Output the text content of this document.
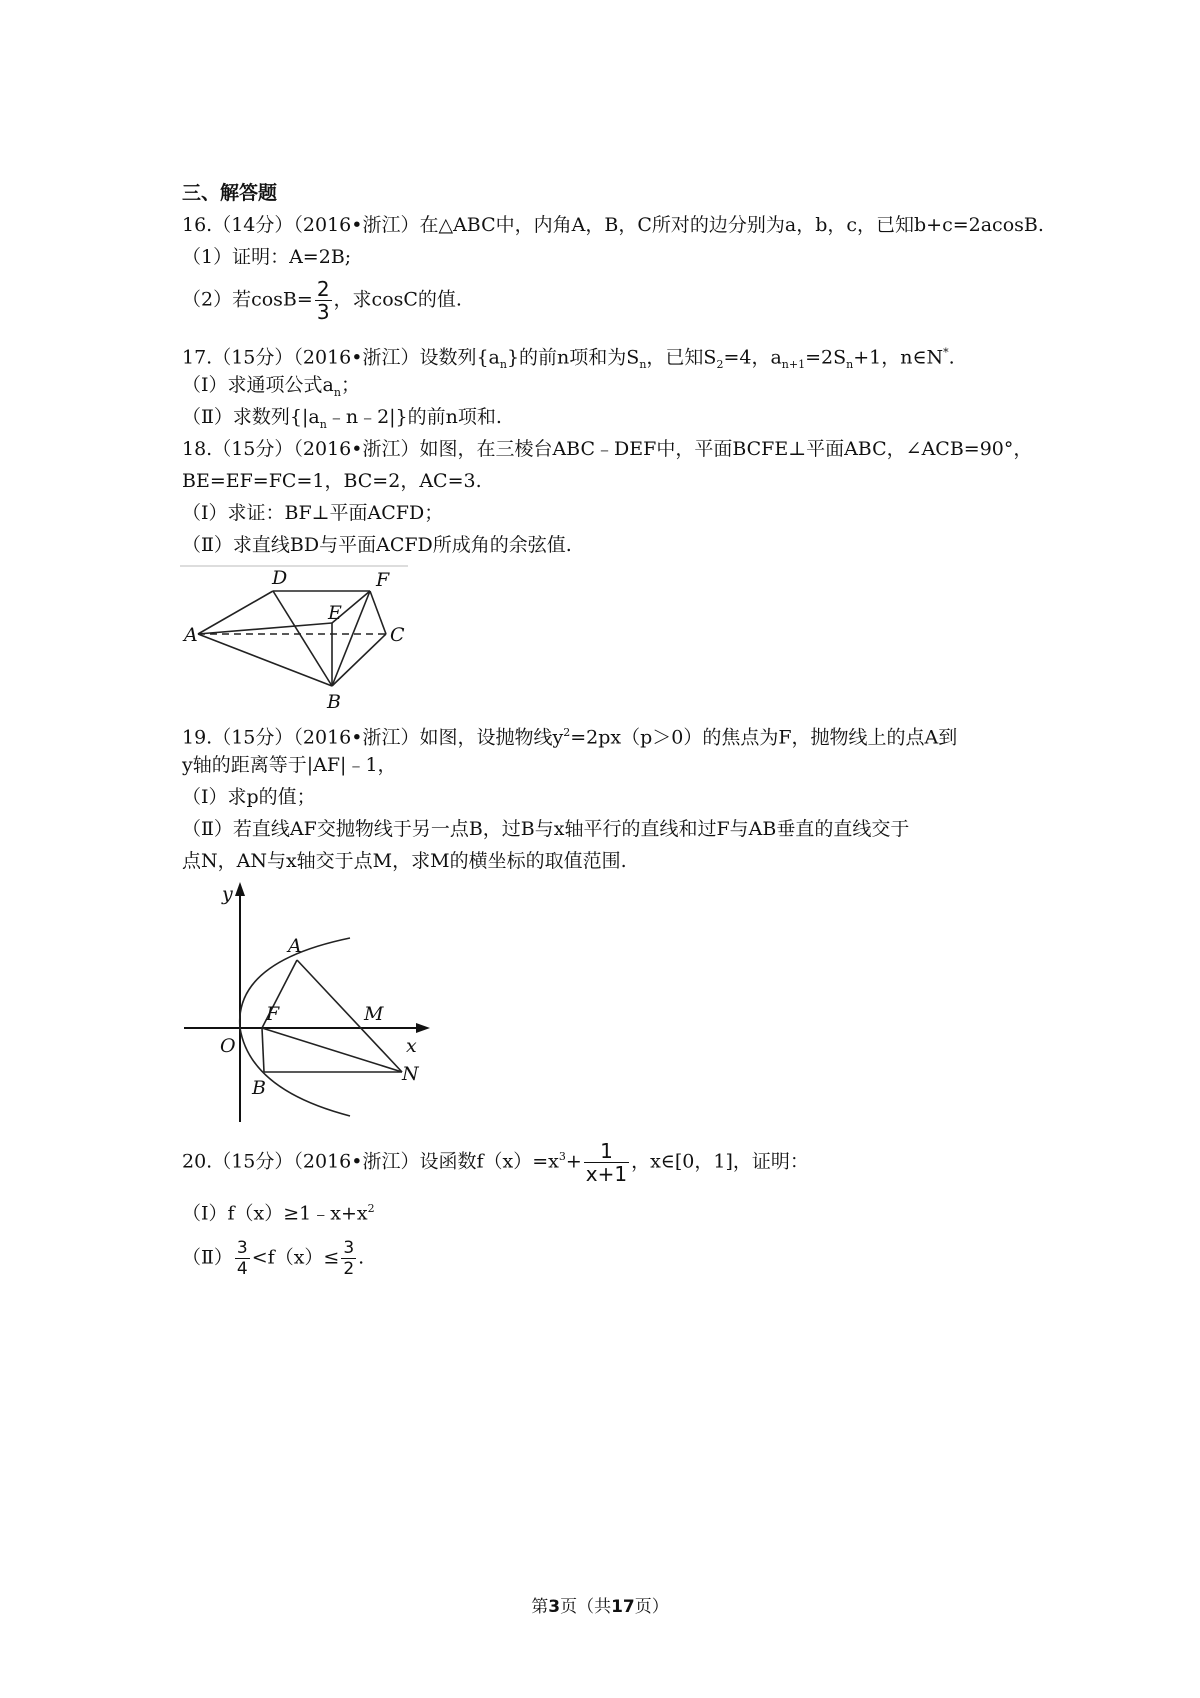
三、解答题
16.（14分）（2016•浙江）在△ABC中，内角A，B，C所对的边分别为a，b，c，已知b+c=2acosB.
（1）证明：A=2B;
（2）若$\cos B= \frac{2}{3}$ ，求cosC的值.
17.（15分）（2016•浙江）设数列$\{a_n\}$的前n项和为$S_n$，已知$S_2=4$，$a_{n+1}=2S_n+1$，n∈N*.
（Ⅰ）求通项公式$a_n$；
（Ⅱ）求数列$\{|a_n﹣n﹣2|\}$的前n项和.
18.（15分）（2016•浙江）如图，在三棱台ABC﹣DEF中，平面BCFE⊥平面ABC，∠ACB=90°，
BE=EF=FC=1，BC=2，AC=3.
（Ⅰ）求证：BF⊥平面ACFD；
（Ⅱ）求直线BD与平面ACFD所成角的余弦值.
D	F
E
A	C
B
19.（15分）（2016•浙江）如图，设抛物线$y^2=2px(p>0)$的焦点为F，抛物线上的点A到
y轴的距离等于|AF|﹣1，
（Ⅰ）求p的值；
（Ⅱ）若直线AF交抛物线于另一点B，过B与x轴平行的直线和过F与AB垂直的直线交于
点N，AN与x轴交于点M，求M的横坐标的取值范围.
y
x
O
A
F	M
N
B
20.（15分）（2016•浙江）设函数$f(x)=x^3+ \frac{1}{x+1}$ ，x∈[0，1]，证明：
$(Ⅰ)f(x)\ge 1﹣x+x^2$
（Ⅱ） $\frac{3}{4} <f(x)\le \frac{3}{2}$ .
第3页（共17页）
